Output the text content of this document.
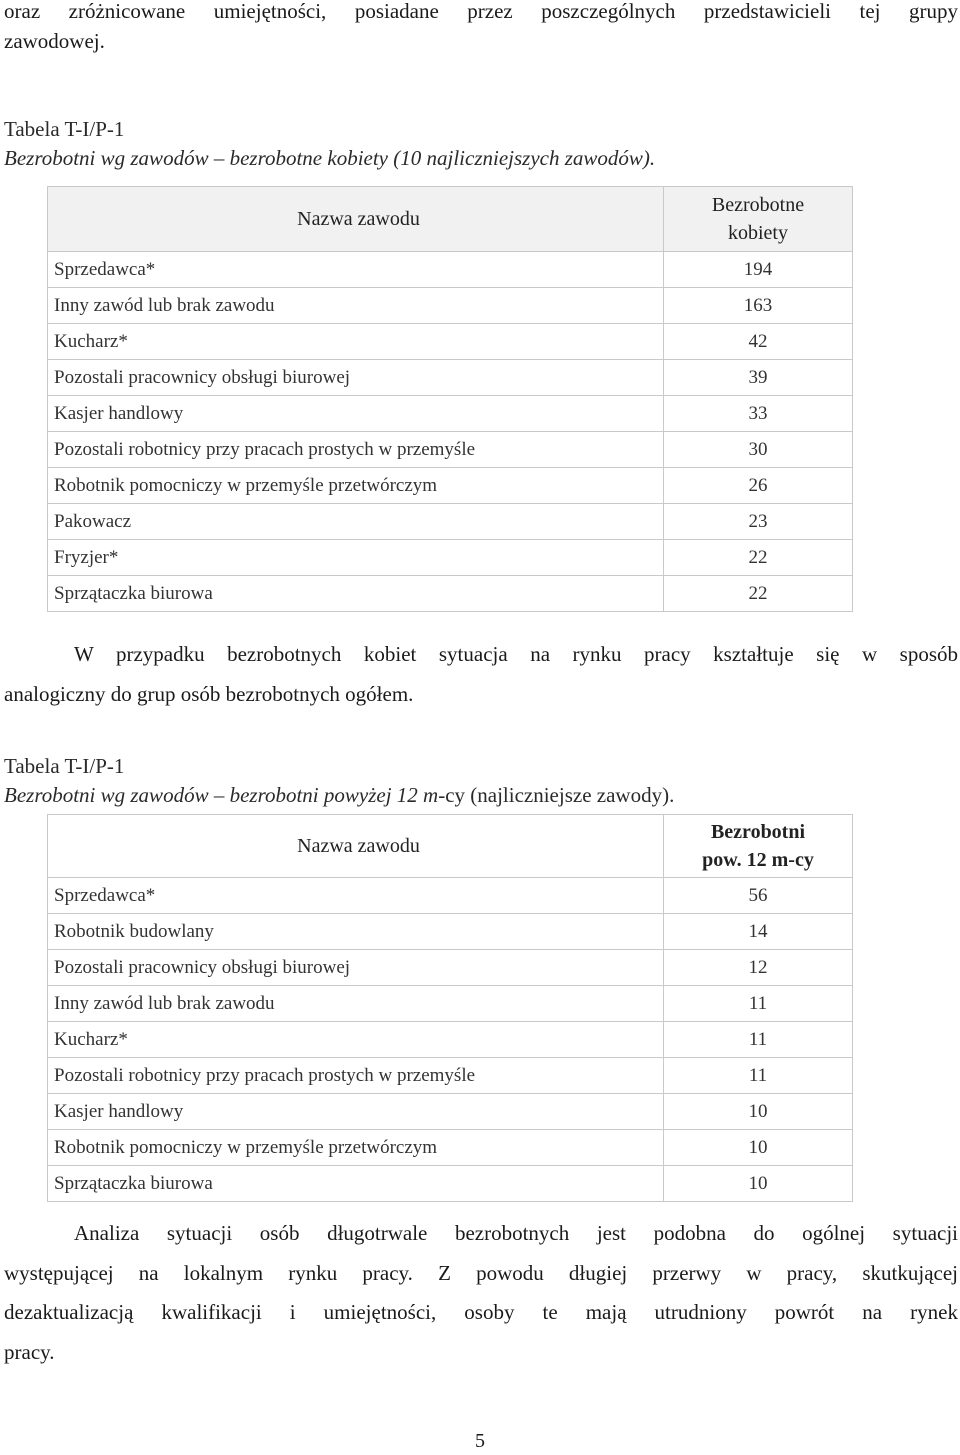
oraz zróżnicowane umiejętności, posiadane przez poszczególnych przedstawicieli tej grupy

zawodowej.

Tabela T-I/P-1
Bezrobotni wg zawodów – bezrobotne kobiety (10 najliczniejszych zawodów).
Nazwa zawodu	Bezrobotne
kobiety
Sprzedawca*	194
Inny zawód lub brak zawodu	163
Kucharz*	42
Pozostali pracownicy obsługi biurowej	39
Kasjer handlowy	33
Pozostali robotnicy przy pracach prostych w przemyśle	30
Robotnik pomocniczy w przemyśle przetwórczym	26
Pakowacz	23
Fryzjer*	22
Sprzątaczka biurowa	22

W przypadku bezrobotnych kobiet sytuacja na rynku pracy kształtuje się w sposób

analogiczny do grup osób bezrobotnych ogółem.

Tabela T-I/P-1
Bezrobotni wg zawodów – bezrobotni powyżej 12 m-cy (najliczniejsze zawody).
Nazwa zawodu	Bezrobotni
pow. 12 m-cy
Sprzedawca*	56
Robotnik budowlany	14
Pozostali pracownicy obsługi biurowej	12
Inny zawód lub brak zawodu	11
Kucharz*	11
Pozostali robotnicy przy pracach prostych w przemyśle	11
Kasjer handlowy	10
Robotnik pomocniczy w przemyśle przetwórczym	10
Sprzątaczka biurowa	10

Analiza sytuacji osób długotrwale bezrobotnych jest podobna do ogólnej sytuacji

występującej na lokalnym rynku pracy. Z powodu długiej przerwy w pracy, skutkującej

dezaktualizacją kwalifikacji i umiejętności, osoby te mają utrudniony powrót na rynek

pracy.

5
